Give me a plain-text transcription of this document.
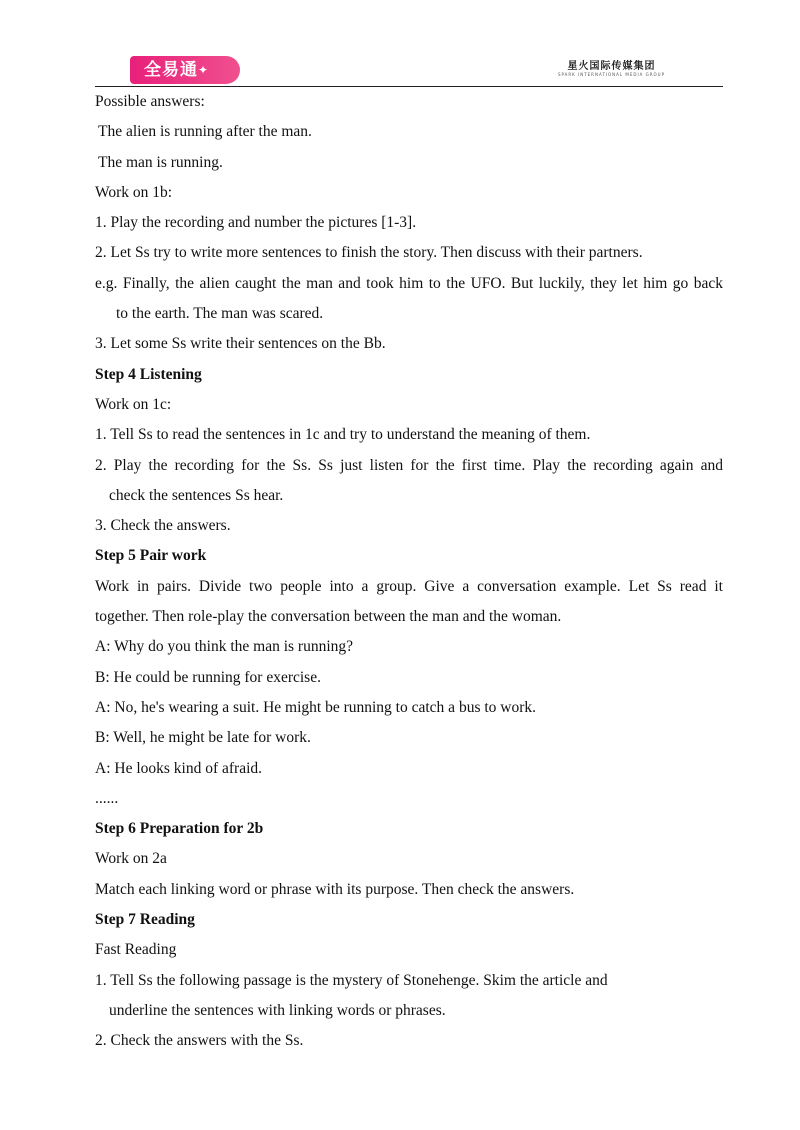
全易通✦	星火国际传媒集团
SPARK INTERNATIONAL MEDIA GROUP
Possible answers:
The alien is running after the man.
The man is running.
Work on 1b:
1. Play the recording and number the pictures [1-3].
2. Let Ss try to write more sentences to finish the story. Then discuss with their partners.
e.g. Finally, the alien caught the man and took him to the UFO. But luckily, they let him go back
to the earth. The man was scared.
3. Let some Ss write their sentences on the Bb.
Step 4 Listening
Work on 1c:
1. Tell Ss to read the sentences in 1c and try to understand the meaning of them.
2. Play the recording for the Ss. Ss just listen for the first time. Play the recording again and
check the sentences Ss hear.
3. Check the answers.
Step 5 Pair work
Work in pairs. Divide two people into a group. Give a conversation example. Let Ss read it
together. Then role-play the conversation between the man and the woman.
A: Why do you think the man is running?
B: He could be running for exercise.
A: No, he's wearing a suit. He might be running to catch a bus to work.
B: Well, he might be late for work.
A: He looks kind of afraid.
......
Step 6 Preparation for 2b
Work on 2a
Match each linking word or phrase with its purpose. Then check the answers.
Step 7 Reading
Fast Reading
1. Tell Ss the following passage is the mystery of Stonehenge. Skim the article and
underline the sentences with linking words or phrases.
2. Check the answers with the Ss.
